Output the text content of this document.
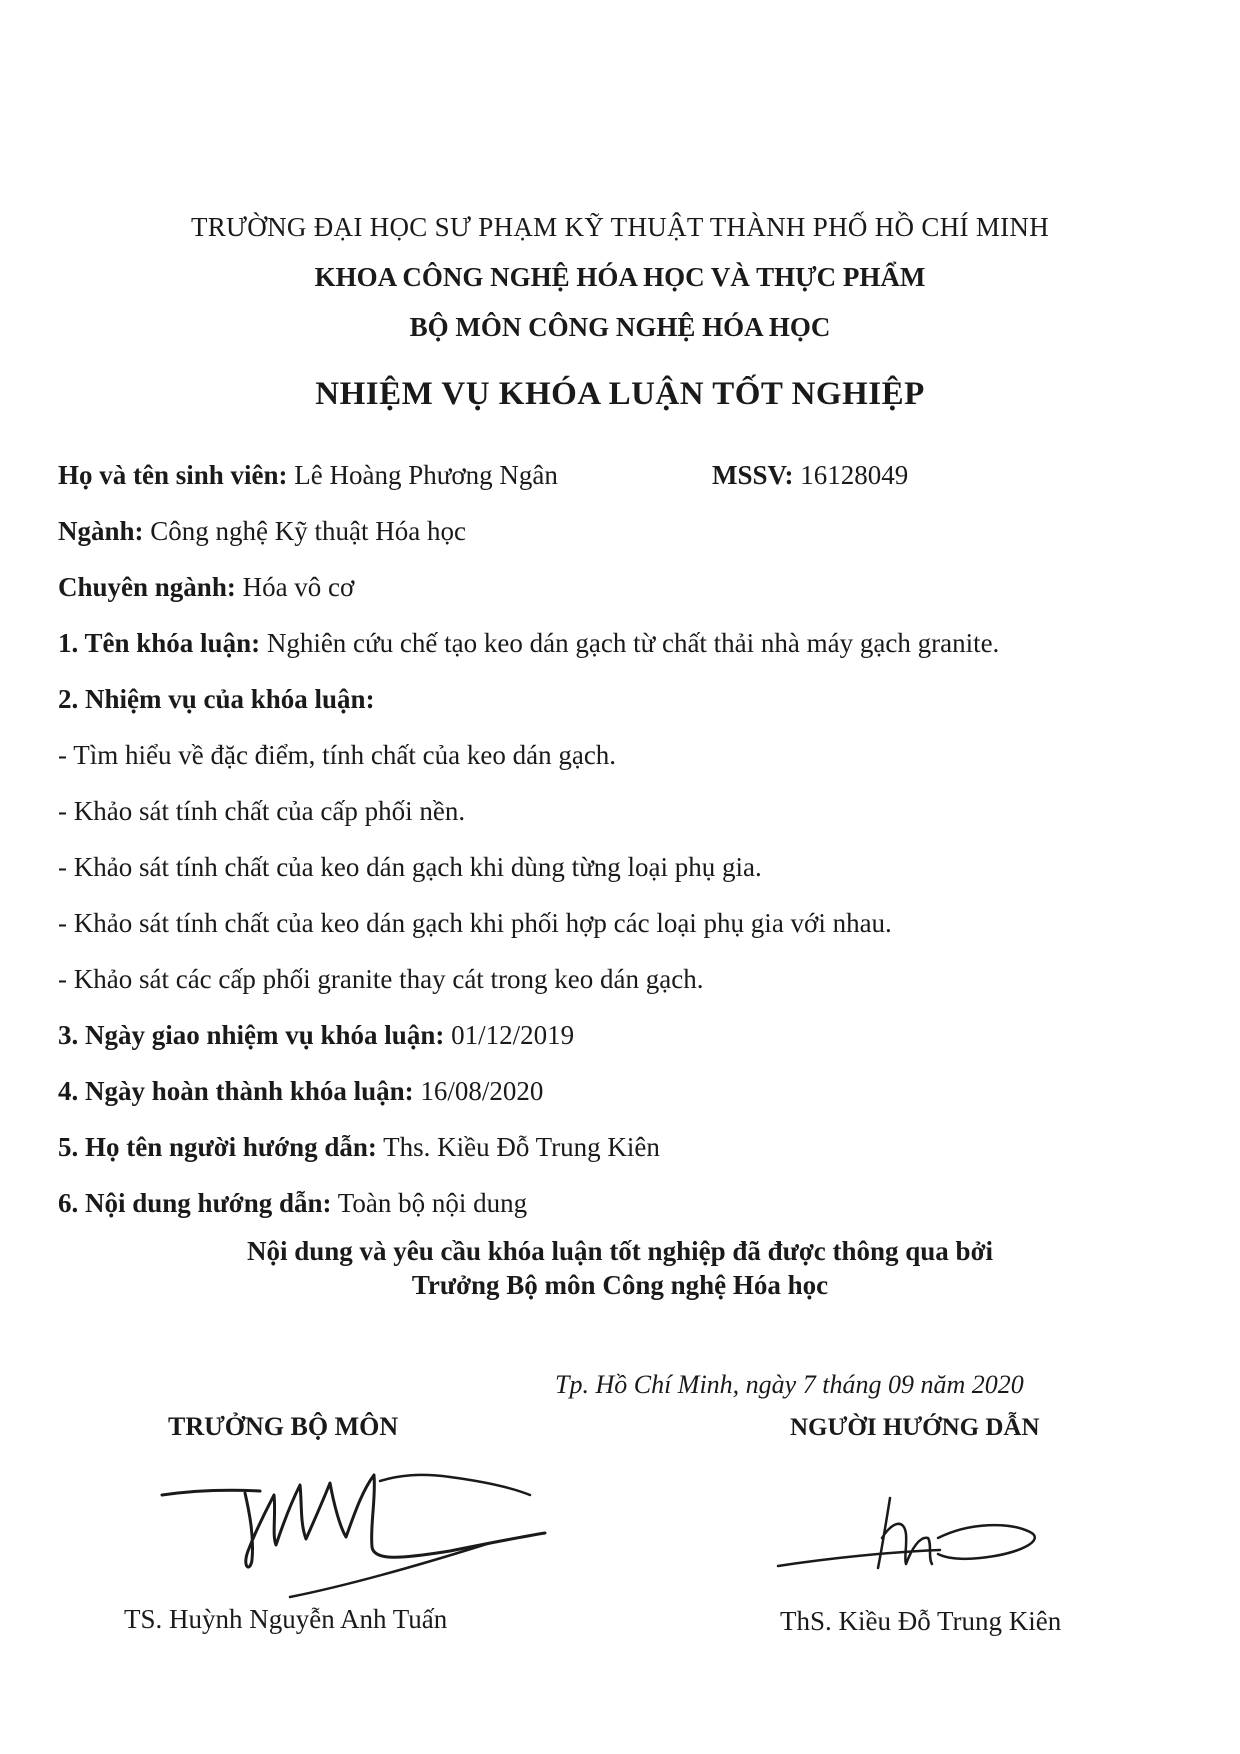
TRƯỜNG ĐẠI HỌC SƯ PHẠM KỸ THUẬT THÀNH PHỐ HỒ CHÍ MINH
KHOA CÔNG NGHỆ HÓA HỌC VÀ THỰC PHẨM
BỘ MÔN CÔNG NGHỆ HÓA HỌC
NHIỆM VỤ KHÓA LUẬN TỐT NGHIỆP
Họ và tên sinh viên: Lê Hoàng Phương Ngân	MSSV: 16128049
Ngành: Công nghệ Kỹ thuật Hóa học
Chuyên ngành: Hóa vô cơ
1. Tên khóa luận: Nghiên cứu chế tạo keo dán gạch từ chất thải nhà máy gạch granite.
2. Nhiệm vụ của khóa luận:
- Tìm hiểu về đặc điểm, tính chất của keo dán gạch.
- Khảo sát tính chất của cấp phối nền.
- Khảo sát tính chất của keo dán gạch khi dùng từng loại phụ gia.
- Khảo sát tính chất của keo dán gạch khi phối hợp các loại phụ gia với nhau.
- Khảo sát các cấp phối granite thay cát trong keo dán gạch.
3. Ngày giao nhiệm vụ khóa luận: 01/12/2019
4. Ngày hoàn thành khóa luận: 16/08/2020
5. Họ tên người hướng dẫn: Ths. Kiều Đỗ Trung Kiên
6. Nội dung hướng dẫn: Toàn bộ nội dung
Nội dung và yêu cầu khóa luận tốt nghiệp đã được thông qua bởi
Trưởng Bộ môn Công nghệ Hóa học
Tp. Hồ Chí Minh, ngày 7 tháng 09 năm 2020
TRƯỞNG BỘ MÔN	NGƯỜI HƯỚNG DẪN
TS. Huỳnh Nguyễn Anh Tuấn	ThS. Kiều Đỗ Trung Kiên
